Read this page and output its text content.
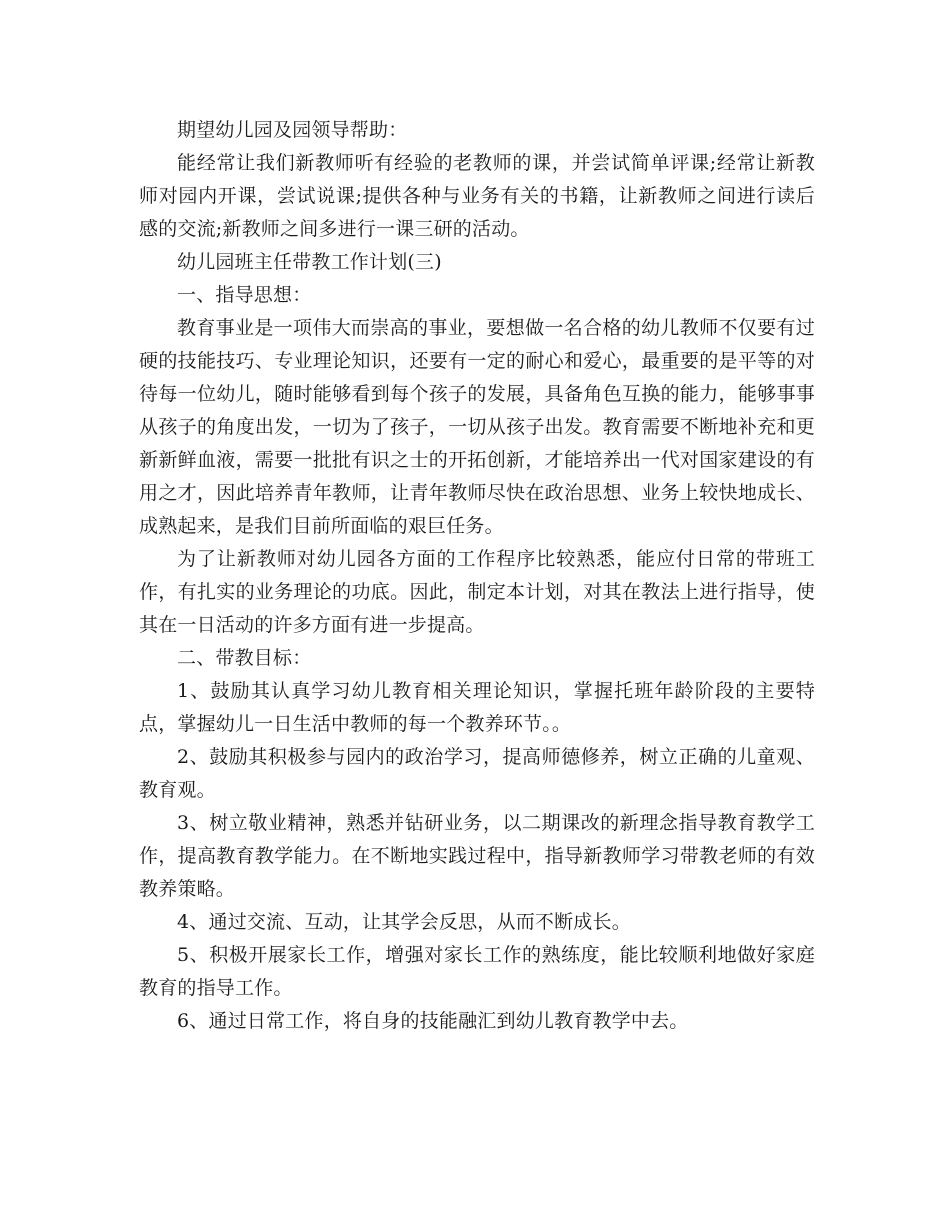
期望幼儿园及园领导帮助：

能经常让我们新教师听有经验的老教师的课，并尝试简单评课;经常让新教师对园内开课，尝试说课;提供各种与业务有关的书籍，让新教师之间进行读后感的交流;新教师之间多进行一课三研的活动。

幼儿园班主任带教工作计划(三)

一、指导思想：

教育事业是一项伟大而崇高的事业，要想做一名合格的幼儿教师不仅要有过硬的技能技巧、专业理论知识，还要有一定的耐心和爱心，最重要的是平等的对待每一位幼儿，随时能够看到每个孩子的发展，具备角色互换的能力，能够事事从孩子的角度出发，一切为了孩子，一切从孩子出发。教育需要不断地补充和更新新鲜血液，需要一批批有识之士的开拓创新，才能培养出一代对国家建设的有用之才，因此培养青年教师，让青年教师尽快在政治思想、业务上较快地成长、成熟起来，是我们目前所面临的艰巨任务。

为了让新教师对幼儿园各方面的工作程序比较熟悉，能应付日常的带班工作，有扎实的业务理论的功底。因此，制定本计划，对其在教法上进行指导，使其在一日活动的许多方面有进一步提高。

二、带教目标：

1、鼓励其认真学习幼儿教育相关理论知识，掌握托班年龄阶段的主要特点，掌握幼儿一日生活中教师的每一个教养环节。。

2、鼓励其积极参与园内的政治学习，提高师德修养，树立正确的儿童观、教育观。

3、树立敬业精神，熟悉并钻研业务，以二期课改的新理念指导教育教学工作，提高教育教学能力。在不断地实践过程中，指导新教师学习带教老师的有效教养策略。

4、通过交流、互动，让其学会反思，从而不断成长。

5、积极开展家长工作，增强对家长工作的熟练度，能比较顺利地做好家庭教育的指导工作。

6、通过日常工作，将自身的技能融汇到幼儿教育教学中去。
